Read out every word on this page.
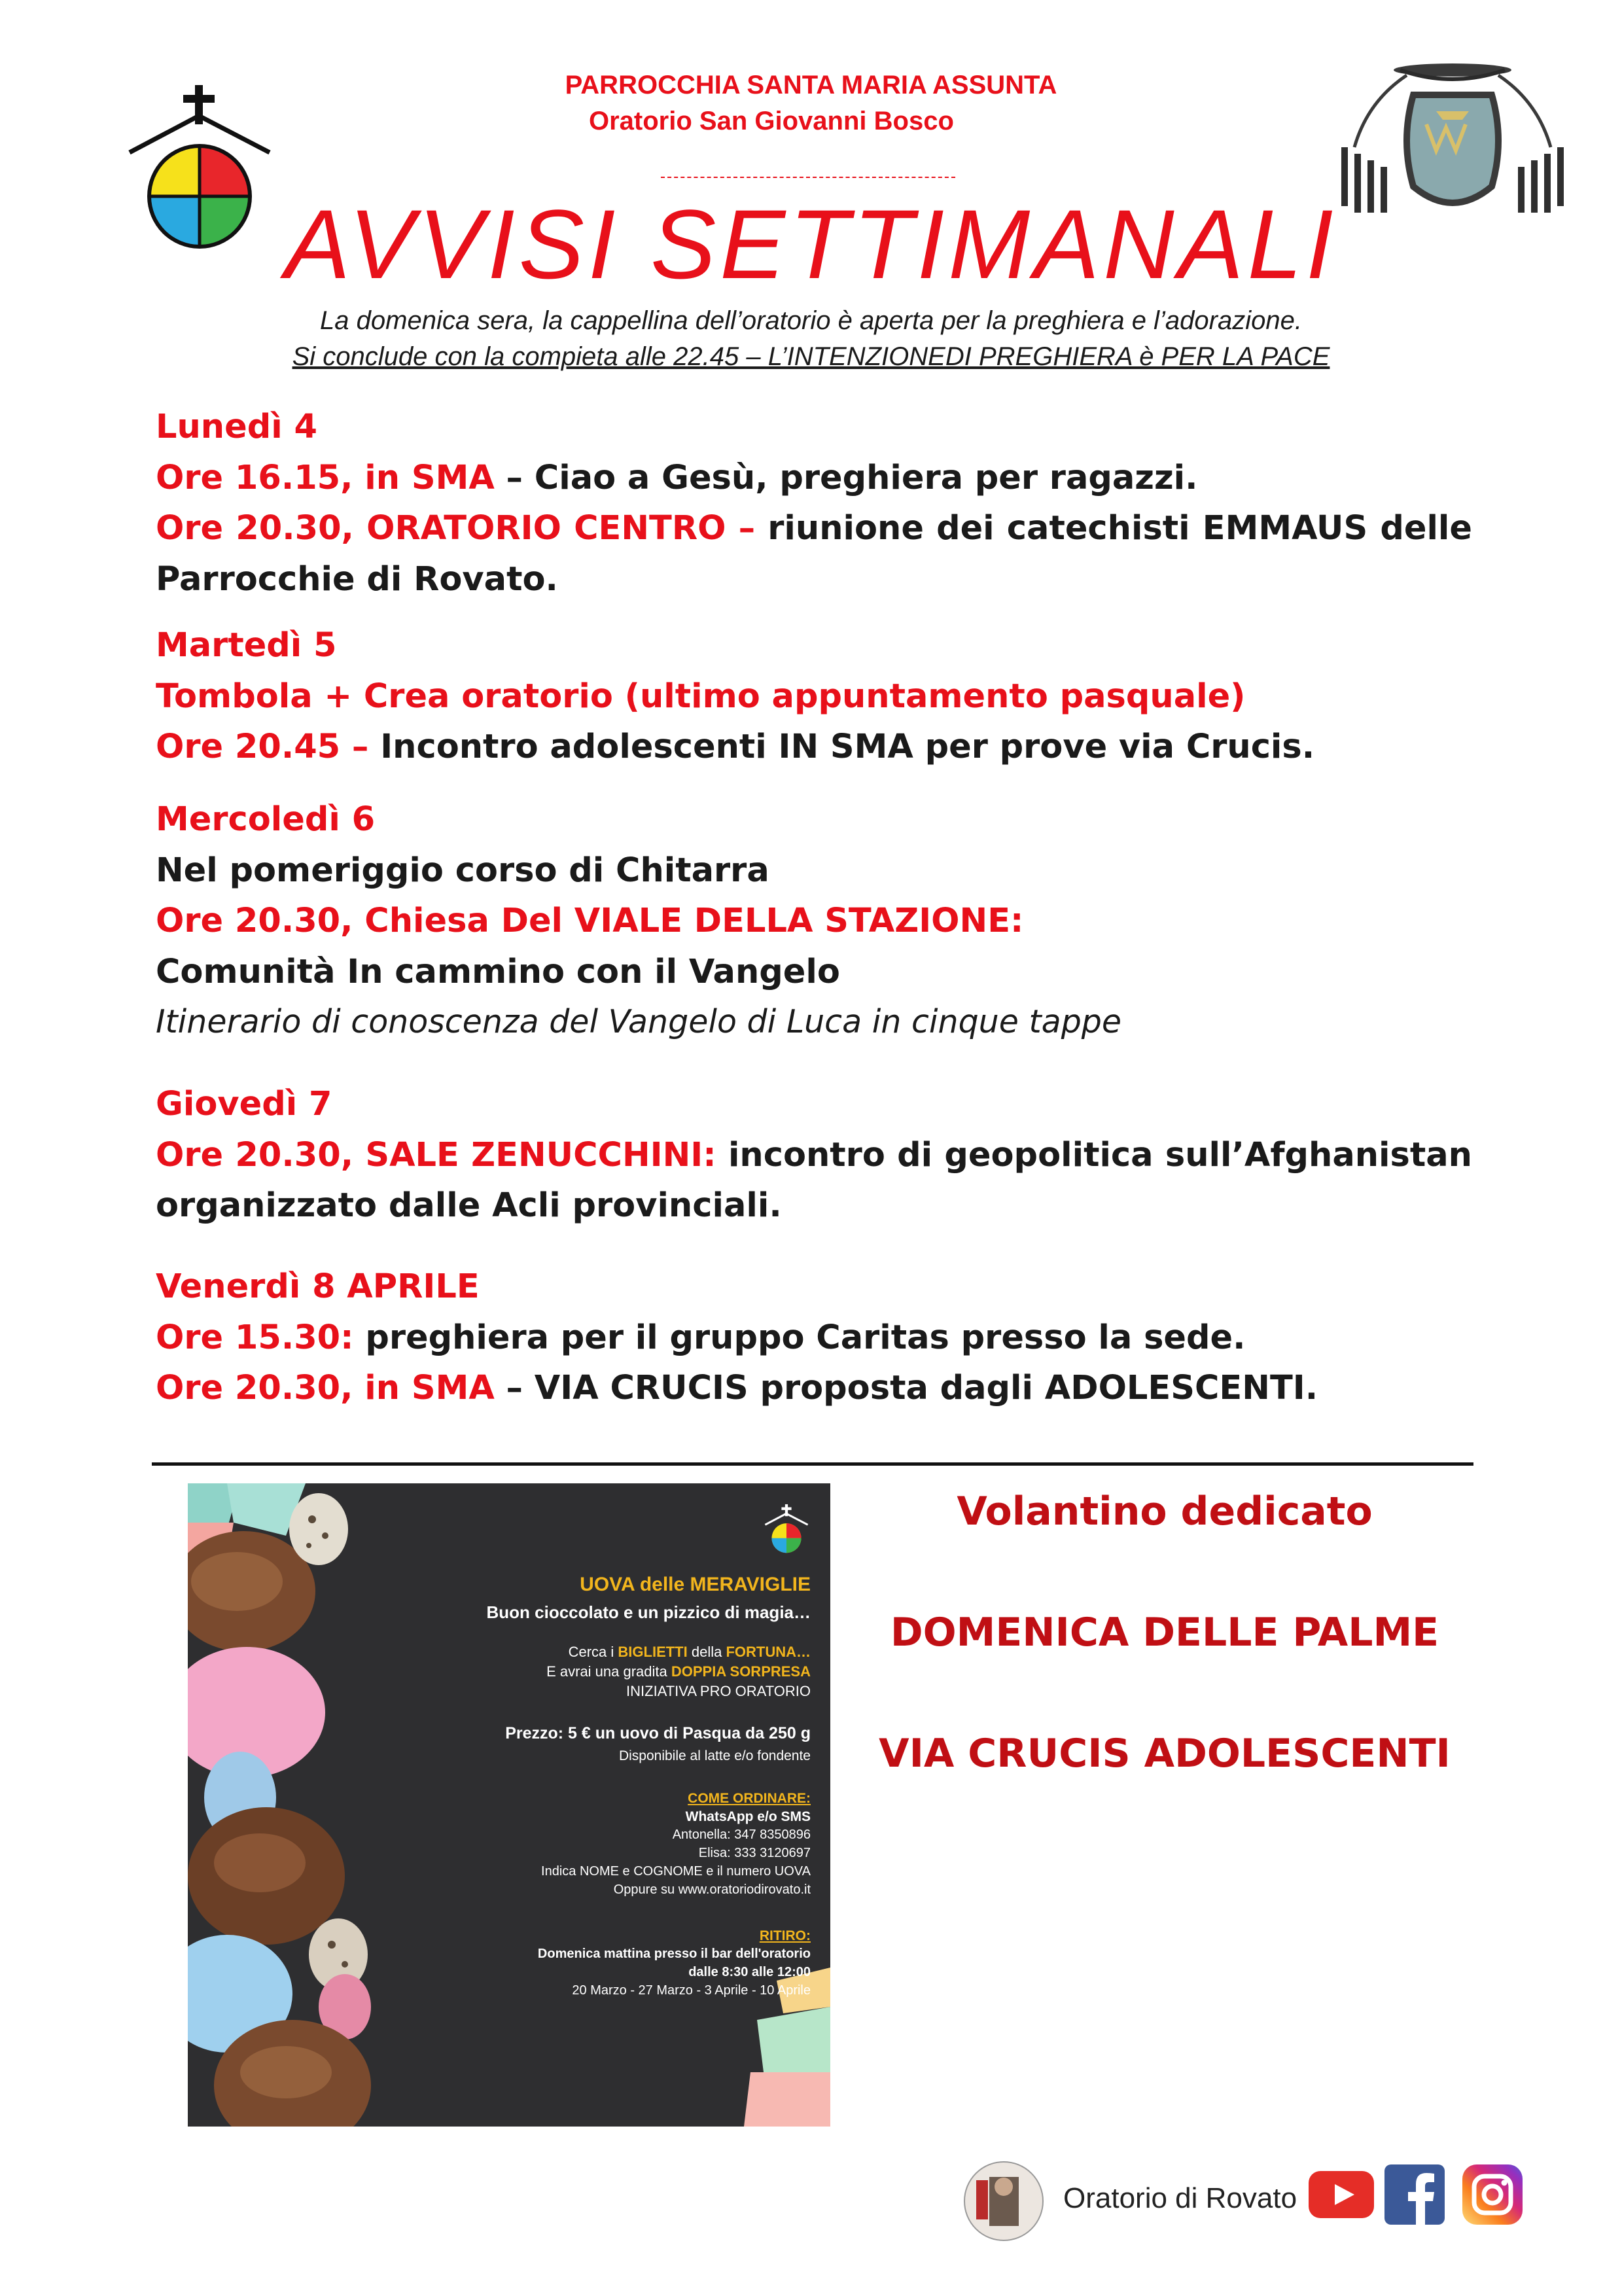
PARROCCHIA SANTA MARIA ASSUNTA
Oratorio San Giovanni Bosco
AVVISI SETTIMANALI
La domenica sera, la cappellina dell’oratorio è aperta per la preghiera e l’adorazione.
Si conclude con la compieta alle 22.45 – L’INTENZIONEDI PREGHIERA è PER LA PACE
Lunedì 4
Ore 16.15, in SMA – Ciao a Gesù, preghiera per ragazzi.
Ore 20.30, ORATORIO CENTRO – riunione dei catechisti EMMAUS delle
Parrocchie di Rovato.
Martedì 5
Tombola + Crea oratorio (ultimo appuntamento pasquale)
Ore 20.45 – Incontro adolescenti IN SMA per prove via Crucis.
Mercoledì 6
Nel pomeriggio corso di Chitarra
Ore 20.30, Chiesa Del VIALE DELLA STAZIONE:
Comunità In cammino con il Vangelo
Itinerario di conoscenza del Vangelo di Luca in cinque tappe
Giovedì 7
Ore 20.30, SALE ZENUCCHINI: incontro di geopolitica sull’Afghanistan
organizzato dalle Acli provinciali.
Venerdì 8 APRILE
Ore 15.30: preghiera per il gruppo Caritas presso la sede.
Ore 20.30, in SMA – VIA CRUCIS proposta dagli ADOLESCENTI.
UOVA delle MERAVIGLIE
Buon cioccolato e un pizzico di magia…
Cerca i BIGLIETTI della FORTUNA…
E avrai una gradita DOPPIA SORPRESA
INIZIATIVA PRO ORATORIO
Prezzo: 5 € un uovo di Pasqua da 250 g
Disponibile al latte e/o fondente
COME ORDINARE:
WhatsApp e/o SMS
Antonella: 347 8350896
Elisa: 333 3120697
Indica NOME e COGNOME e il numero UOVA
Oppure su www.oratoriodirovato.it
RITIRO:
Domenica mattina presso il bar dell'oratorio
dalle 8:30 alle 12:00
20 Marzo - 27 Marzo - 3 Aprile - 10 Aprile
Volantino dedicato
DOMENICA DELLE PALME
VIA CRUCIS ADOLESCENTI
Oratorio di Rovato
